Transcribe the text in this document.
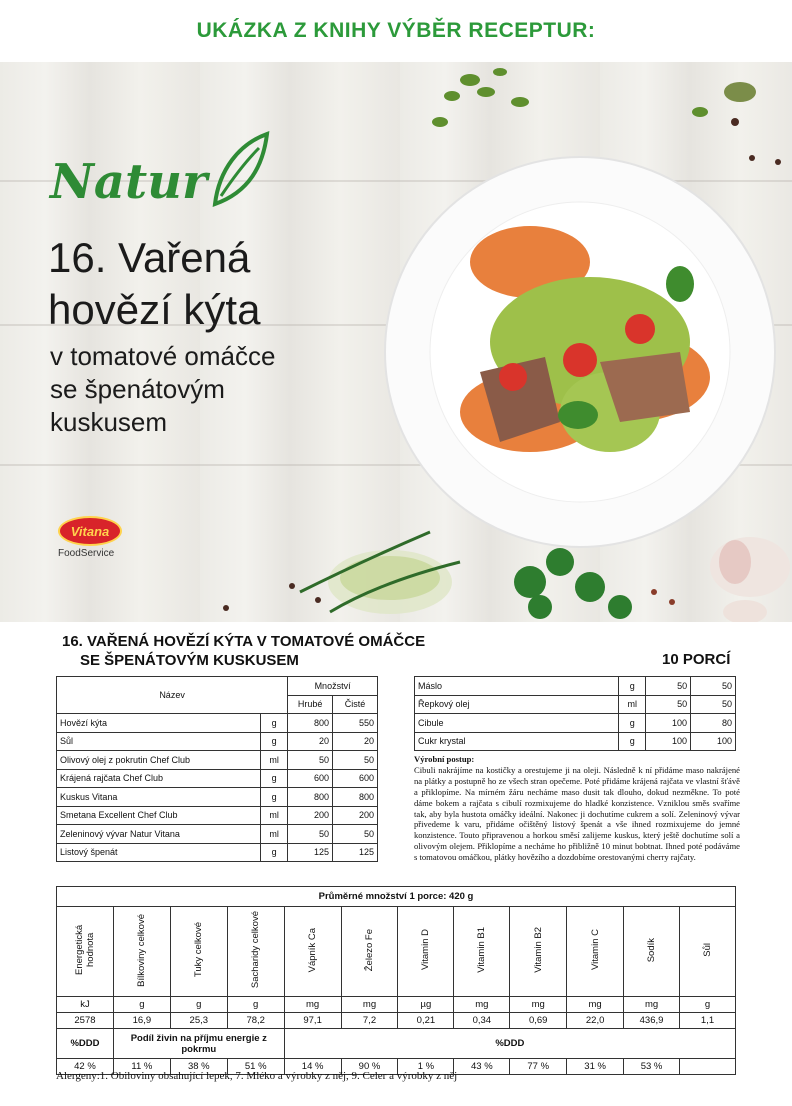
UKÁZKA Z KNIHY VÝBĚR RECEPTUR:
Natur
16. Vařená
hovězí kýta
v tomatové omáčce
se špenátovým
kuskusem
Vitana
FoodService
16. VAŘENÁ HOVĚZÍ KÝTA V TOMATOVÉ OMÁČCE
SE ŠPENÁTOVÝM KUSKUSEM	10 PORCÍ
Název		Množství	
		Hrubé	Čisté
Hovězí kýta	g	800	550
Sůl	g	20	20
Olivový olej z pokrutin Chef Club	ml	50	50
Krájená rajčata Chef Club	g	600	600
Kuskus Vitana	g	800	800
Smetana Excellent Chef Club	ml	200	200
Zeleninový vývar Natur Vitana	ml	50	50
Listový špenát	g	125	125
Máslo	g	50	50
Řepkový olej	ml	50	50
Cibule	g	100	80
Cukr krystal	g	100	100
Výrobní postup:
Cibuli nakrájíme na kostičky a orestujeme ji na oleji. Následně k ní přidáme maso nakrájené na plátky a postupně ho ze všech stran opečeme. Poté přidáme krájená rajčata ve vlastní šťávě a přiklopíme. Na mírném žáru necháme maso dusit tak dlouho, dokud nezměkne. To poté dáme bokem a rajčata s cibulí rozmixujeme do hladké konzistence. Vzniklou směs svaříme tak, aby byla hustota omáčky ideální. Nakonec ji dochutíme cukrem a solí. Zeleninový vývar přivedeme k varu, přidáme očištěný listový špenát a vše ihned rozmixujeme do jemné konzistence. Touto připravenou a horkou směsí zalijeme kuskus, který ještě dochutíme solí a olivovým olejem. Přiklopíme a necháme ho přibližně 10 minut bobtnat. Ihned poté podáváme s tomatovou omáčkou, plátky hovězího a dozdobíme orestovanými cherry rajčaty.
Průměrné množství 1 porce: 420 g											
Energetická hodnota	Bílkoviny celkové	Tuky celkové	Sacharidy celkové	Vápník Ca	Železo Fe	Vitamin D	Vitamin B1	Vitamin B2	Vitamin C	Sodík	Sůl
kJ	g	g	g	mg	mg	µg	mg	mg	mg	mg	g
2578	16,9	25,3	78,2	97,1	7,2	0,21	0,34	0,69	22,0	436,9	1,1
%DDD	Podíl živin na příjmu energie z pokrmu			%DDD							
42 %	11 %	38 %	51 %	14 %	90 %	1 %	43 %	77 %	31 %	53 %	
Alergeny:1. Obiloviny obsahující lepek, 7. Mléko a výrobky z něj, 9. Celer a výrobky z něj
